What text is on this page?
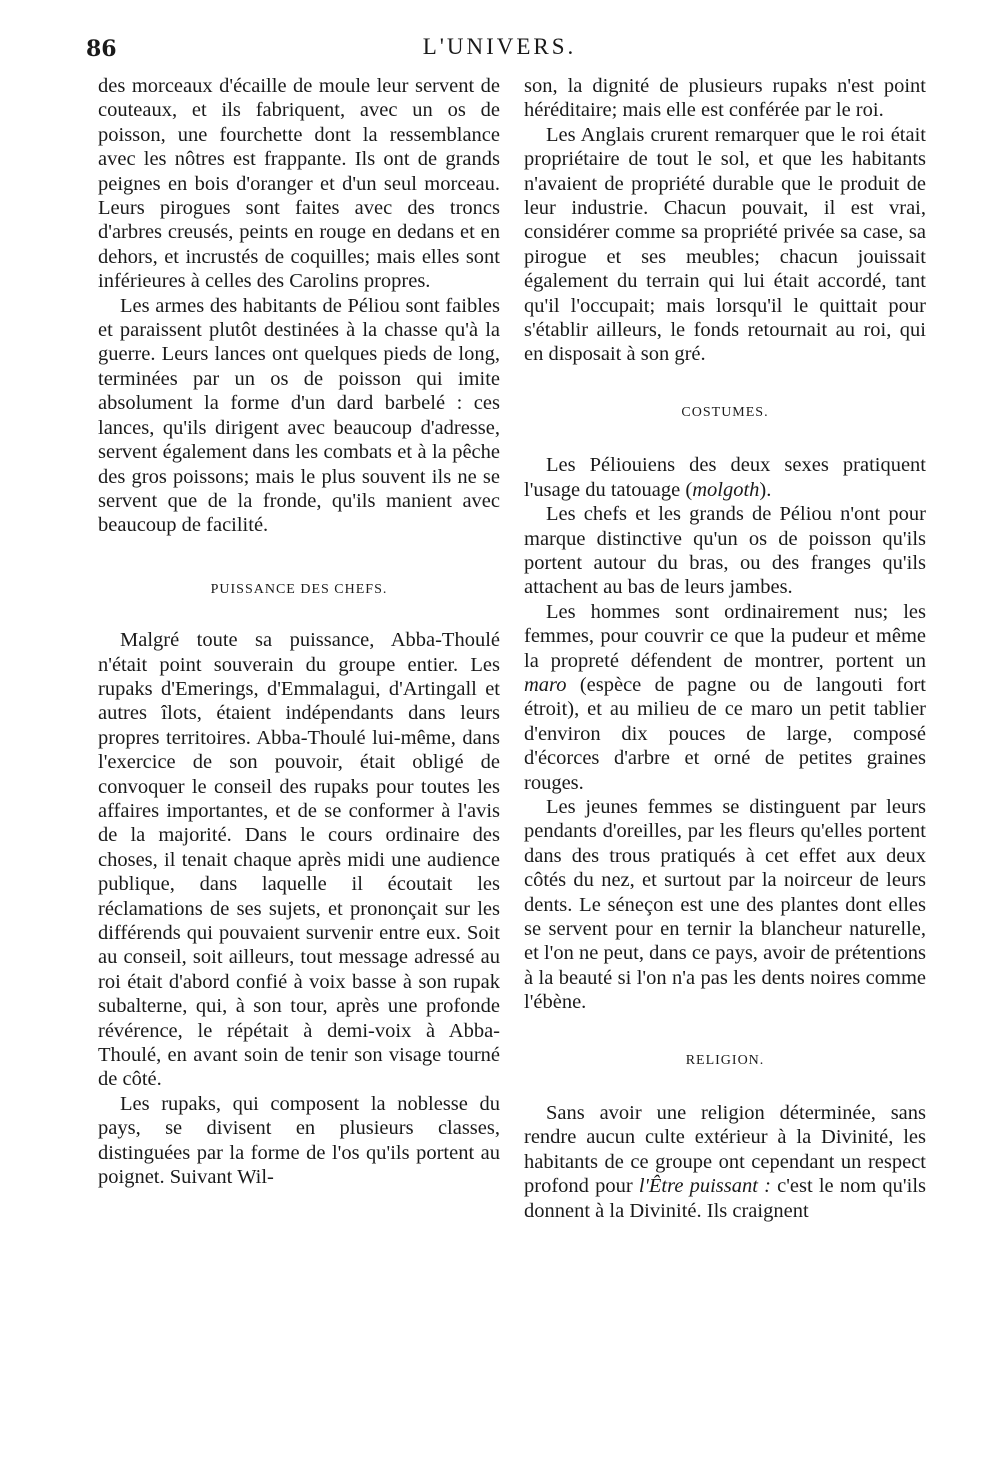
86	L'UNIVERS.

des morceaux d'écaille de moule leur servent de couteaux, et ils fabriquent, avec un os de poisson, une fourchette dont la ressemblance avec les nôtres est frappante. Ils ont de grands peignes en bois d'oranger et d'un seul morceau. Leurs pirogues sont faites avec des troncs d'arbres creusés, peints en rouge en dedans et en dehors, et incrustés de coquilles; mais elles sont inférieures à celles des Carolins propres.

Les armes des habitants de Péliou sont faibles et paraissent plutôt destinées à la chasse qu'à la guerre. Leurs lances ont quelques pieds de long, terminées par un os de poisson qui imite absolument la forme d'un dard barbelé : ces lances, qu'ils dirigent avec beaucoup d'adresse, servent également dans les combats et à la pêche des gros poissons; mais le plus souvent ils ne se servent que de la fronde, qu'ils manient avec beaucoup de facilité.

PUISSANCE DES CHEFS.

Malgré toute sa puissance, Abba-Thoulé n'était point souverain du groupe entier. Les rupaks d'Emerings, d'Emmalagui, d'Artingall et autres îlots, étaient indépendants dans leurs propres territoires. Abba-Thoulé lui-même, dans l'exercice de son pouvoir, était obligé de convoquer le conseil des rupaks pour toutes les affaires importantes, et de se conformer à l'avis de la majorité. Dans le cours ordinaire des choses, il tenait chaque après midi une audience publique, dans laquelle il écoutait les réclamations de ses sujets, et prononçait sur les différends qui pouvaient survenir entre eux. Soit au conseil, soit ailleurs, tout message adressé au roi était d'abord confié à voix basse à son rupak subalterne, qui, à son tour, après une profonde révérence, le répétait à demi-voix à Abba-Thoulé, en avant soin de tenir son visage tourné de côté.

Les rupaks, qui composent la noblesse du pays, se divisent en plusieurs classes, distinguées par la forme de l'os qu'ils portent au poignet. Suivant Wil-

son, la dignité de plusieurs rupaks n'est point héréditaire; mais elle est conférée par le roi.

Les Anglais crurent remarquer que le roi était propriétaire de tout le sol, et que les habitants n'avaient de propriété durable que le produit de leur industrie. Chacun pouvait, il est vrai, considérer comme sa propriété privée sa case, sa pirogue et ses meubles; chacun jouissait également du terrain qui lui était accordé, tant qu'il l'occupait; mais lorsqu'il le quittait pour s'établir ailleurs, le fonds retournait au roi, qui en disposait à son gré.

COSTUMES.

Les Péliouiens des deux sexes pratiquent l'usage du tatouage (molgoth).

Les chefs et les grands de Péliou n'ont pour marque distinctive qu'un os de poisson qu'ils portent autour du bras, ou des franges qu'ils attachent au bas de leurs jambes.

Les hommes sont ordinairement nus; les femmes, pour couvrir ce que la pudeur et même la propreté défendent de montrer, portent un maro (espèce de pagne ou de langouti fort étroit), et au milieu de ce maro un petit tablier d'environ dix pouces de large, composé d'écorces d'arbre et orné de petites graines rouges.

Les jeunes femmes se distinguent par leurs pendants d'oreilles, par les fleurs qu'elles portent dans des trous pratiqués à cet effet aux deux côtés du nez, et surtout par la noirceur de leurs dents. Le séneçon est une des plantes dont elles se servent pour en ternir la blancheur naturelle, et l'on ne peut, dans ce pays, avoir de prétentions à la beauté si l'on n'a pas les dents noires comme l'ébène.

RELIGION.

Sans avoir une religion déterminée, sans rendre aucun culte extérieur à la Divinité, les habitants de ce groupe ont cependant un respect profond pour l'Être puissant : c'est le nom qu'ils donnent à la Divinité. Ils craignent
